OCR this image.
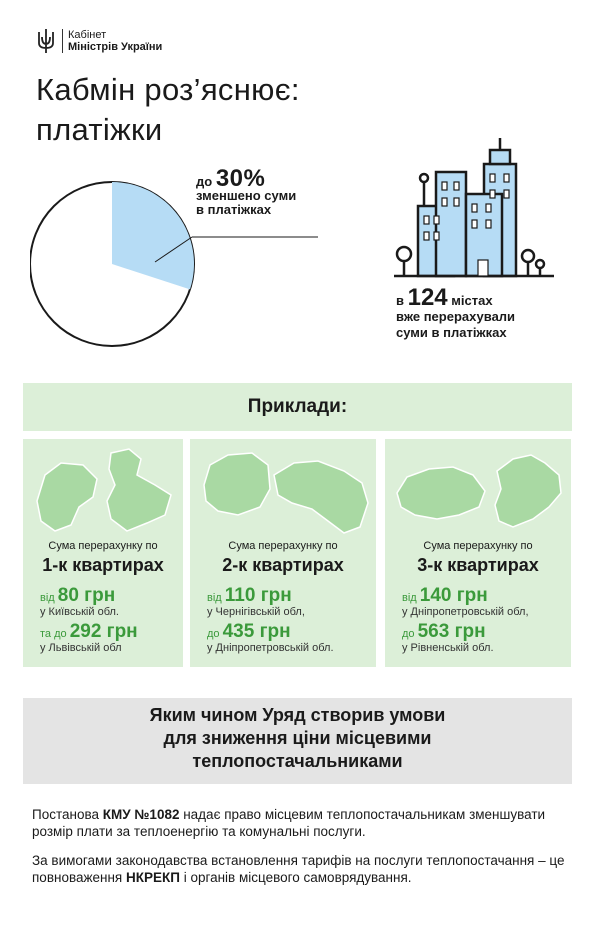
Кабінет
Міністрів України
Кабмін роз’яснює:
платіжки
до 30%
зменшено суми
в платіжках
в 124 містах
вже перерахували
суми в платіжках
Приклади:
Сума перерахунку по
1-к квартирах
від 80 грн
у Київській обл.
та до 292 грн
у Львівській обл
Сума перерахунку по
2-к квартирах
від 110 грн
у Чернігівській обл,
до 435 грн
у Дніпропетровській обл.
Сума перерахунку по
3-к квартирах
від 140 грн
у Дніпропетровській обл,
до 563 грн
у Рівненській обл.
Яким чином Уряд створив умови
для зниження ціни місцевими
теплопостачальниками
Постанова КМУ №1082 надає право місцевим теплопостачальникам зменшувати розмір плати за теплоенергію та комунальні послуги.
За вимогами законодавства встановлення тарифів на послуги теплопостачання – це повноваження НКРЕКП і органів місцевого самоврядування.
